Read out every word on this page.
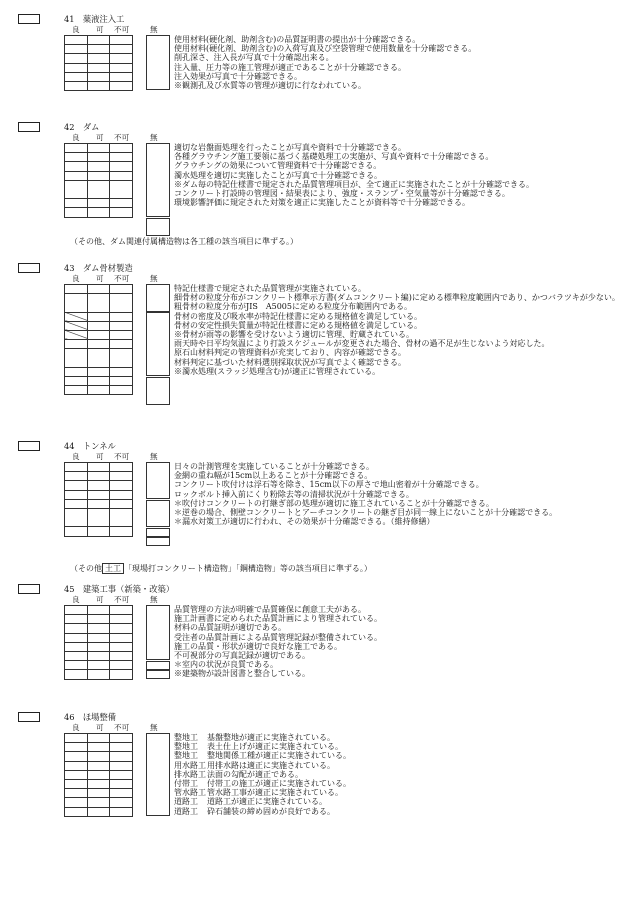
41　薬液注入工
良 可 不可	無

使用材料(硬化剤、助剤含む)の品質証明書の提出が十分確認できる。
使用材料(硬化剤、助剤含む)の入荷写真及び空袋管理で使用数量を十分確認できる。
削孔深さ、注入長が写真で十分確認出来る。
注入量、圧力等の施工管理が適正であることが十分確認できる。
注入効果が写真で十分確認できる。
※観測孔及び水質等の管理が適切に行なわれている。
42　ダム
良 可 不可	無

適切な岩盤面処理を行ったことが写真や資料で十分確認できる。
各種グラウチング施工要領に基づく基礎処理工の実施が、写真や資料で十分確認できる。
グラウチングの効果について管理資料で十分確認できる。
濁水処理を適切に実施したことが写真で十分確認できる。
※ダム毎の特記仕様書で規定された品質管理項目が、全て適正に実施されたことが十分確認できる。
コンクリート打設時の管理図・結果表により、強度・スランプ・空気量等が十分確認できる。
環境影響評価に規定された対策を適正に実施したことが資料等で十分確認できる。
（その他、ダム関連付属構造物は各工種の該当項目に準ずる。）
43　ダム骨材製造
良 可 不可	無

特記仕様書で規定された品質管理が実施されている。
細骨材の粒度分布がコンクリート標準示方書(ダムコンクリート編)に定める標準粒度範囲内であり、かつバラツキが少ない。
粗骨材の粒度分布がJIS　A5005に定める粒度分布範囲内である。
骨材の密度及び吸水率が特記仕様書に定める規格値を満足している。
骨材の安定性損失質量が特記仕様書に定める規格値を満足している。
※骨材が雨等の影響を受けないよう適切に管理、貯蔵されている。
雨天時や日平均気温により打設スケジュールが変更された場合、骨材の過不足が生じないよう対応した。
原石山材料判定の管理資料が充実しており、内容が確認できる。
材料判定に基づいた材料選別採取状況が写真でよく確認できる。
※濁水処理(スラッジ処理含む)が適正に管理されている。
44　トンネル
良 可 不可	無

日々の計測管理を実施していることが十分確認できる。
金網の重ね幅が15cm以上あることが十分確認できる。
コンクリート吹付けは浮石等を除き、15cm以下の厚さで地山密着が十分確認できる。
ロックボルト挿入前にくり粉除去等の清掃状況が十分確認できる。
＊吹付けコンクリートの打継ぎ部の処理が適切に施工されていることが十分確認できる。
＊逆巻の場合、側壁コンクリートとアーチコンクリートの継ぎ目が同一線上にないことが十分確認できる。
＊漏水対策工が適切に行われ、その効果が十分確認できる。（維持修繕）
（その他 土工 「現場打コンクリート構造物」「鋼構造物」等の該当項目に準ずる。）
45　建築工事（新築・改築）
良 可 不可	無

品質管理の方法が明確で品質確保に創意工夫がある。
施工計画書に定められた品質計画により管理されている。
材料の品質証明が適切である。
受注者の品質計画による品質管理記録が整備されている。
施工の品質・形状が適切で良好な施工である。
不可視部分の写真記録が適切である。
＊室内の状況が良質である。
※建築物が設計図書と整合している。
46　ほ場整備
良 可 不可	無

整地工 基盤整地が適正に実施されている。
整地工 表土仕上げが適正に実施されている。
整地工 整地関係工種が適正に実施されている。
用水路工用排水路は適正に実施されている。
排水路工法面の勾配が適正である。
付帯工 付帯工の施工が適正に実施されている。
管水路工管水路工事が適正に実施されている。
道路工 道路工が適正に実施されている。
道路工 砕石舗装の締め固めが良好である。
